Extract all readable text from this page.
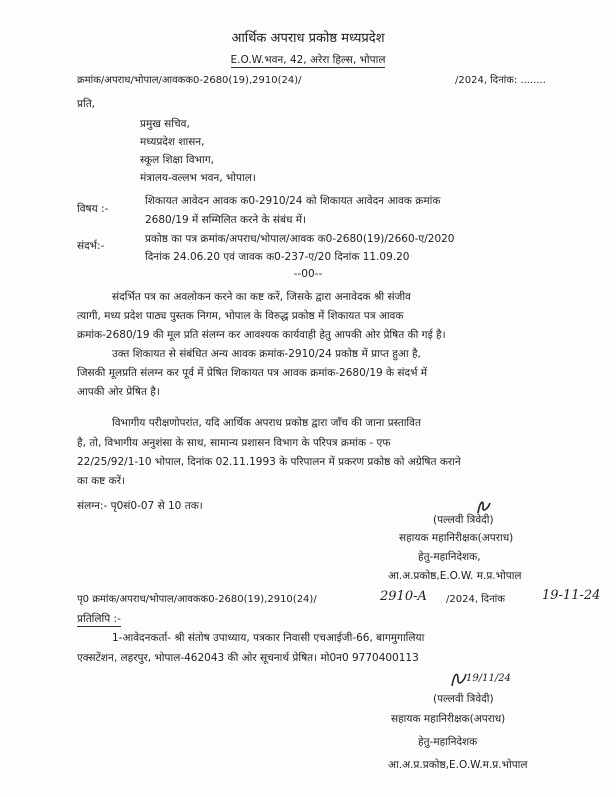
आर्थिक अपराध प्रकोष्ठ मध्यप्रदेश
E.O.W.भवन, 42, अरेरा हिल्स, भोपाल
क्रमांक/अपराध/भोपाल/आवकक0-2680(19),2910(24)/	/2024, दिनांक: ........
प्रति,
प्रमुख सचिव,
मध्यप्रदेश शासन,
स्कूल शिक्षा विभाग,
मंत्रालय-वल्लभ भवन, भोपाल।
विषय :-
शिकायत आवेदन आवक क0-2910/24 को शिकायत आवेदन आवक क्रमांक
2680/19 में सम्मिलित करने के संबंध में।
संदर्भ:-
प्रकोष्ठ का पत्र क्रमांक/अपराध/भोपाल/आवक क0-2680(19)/2660-ए/2020
दिनांक 24.06.20 एवं जावक क0-237-ए/20 दिनांक 11.09.20
--00--
संदर्भित पत्र का अवलोकन करने का कष्ट करें, जिसके द्वारा अनावेदक श्री संजीव
त्यागी, मध्य प्रदेश पाठ्य पुस्तक निगम, भोपाल के विरुद्ध प्रकोष्ठ में शिकायत पत्र आवक
क्रमांक-2680/19 की मूल प्रति संलग्न कर आवश्यक कार्यवाही हेतु आपकी ओर प्रेषित की गई है।
उक्त शिकायत से संबंधित अन्य आवक क्रमांक-2910/24 प्रकोष्ठ में प्राप्त हुआ है,
जिसकी मूलप्रति संलग्न कर पूर्व में प्रेषित शिकायत पत्र आवक क्रमांक-2680/19 के संदर्भ में
आपकी ओर प्रेषित है।
विभागीय परीक्षणोपरांत, यदि आर्थिक अपराध प्रकोष्ठ द्वारा जाँच की जाना प्रस्तावित
है, तो, विभागीय अनुशंसा के साथ, सामान्य प्रशासन विभाग के परिपत्र क्रमांक - एफ
22/25/92/1-10 भोपाल, दिनांक 02.11.1993 के परिपालन में प्रकरण प्रकोष्ठ को अग्रेषित कराने
का कष्ट करें।
संलग्न:- पृ0सं0-07 से 10 तक।
(पल्लवी त्रिवेदी)
सहायक महानिरीक्षक(अपराध)
हेतु-महानिदेशक,
आ.अ.प्रकोष्ठ,E.O.W. म.प्र.भोपाल
पृ0 क्रमांक/अपराध/भोपाल/आवकक0-2680(19),2910(24)/	2910-A /2024, दिनांक	19-11-24
प्रतिलिपि :-
1-आवेदनकर्ता- श्री संतोष उपाध्याय, पत्रकार निवासी एचआईजी-66, बागमुगालिया
एक्सटेंशन, लहरपुर, भोपाल-462043 की ओर सूचनार्थ प्रेषित। मो0न0 9770400113
19/11/24
(पल्लवी त्रिवेदी)
सहायक महानिरीक्षक(अपराध)
हेतु-महानिदेशक
आ.अ.प्र.प्रकोष्ठ,E.O.W.म.प्र.भोपाल
